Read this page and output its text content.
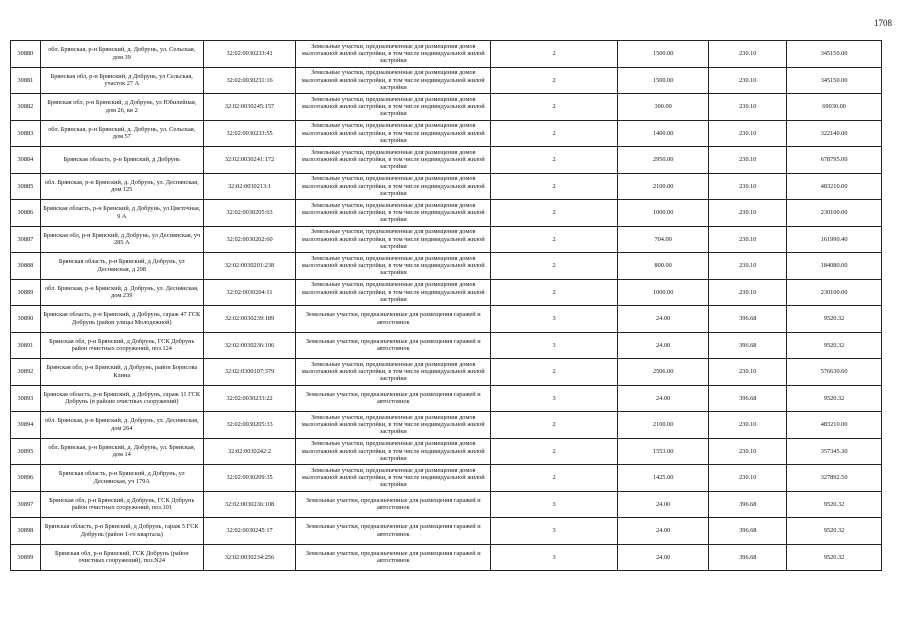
1708
30880	обл. Брянская, р-н Брянский, д. Добрунь, ул. Сельская, дом 39	32:02:0030233:41	Земельные участки, предназначенные для размещения домов малоэтажной жилой застройки, в том числе индивидуальной жилой застройки	2	1500.00	230.10	345150.00
30881	Брянская обл, р-н Брянский, д Добрунь, ул Сельская, участок 27 А	32:02:0030231:16	Земельные участки, предназначенные для размещения домов малоэтажной жилой застройки, в том числе индивидуальной жилой застройки	2	1500.00	230.10	345150.00
30882	Брянская обл, р-н Брянский, д Добрунь, ул Юбилейная, дом 26, кв 2	32:02:0030245:157	Земельные участки, предназначенные для размещения домов малоэтажной жилой застройки, в том числе индивидуальной жилой застройки	2	300.00	230.10	69030.00
30883	обл. Брянская, р-н Брянский, д. Добрунь, ул. Сельская, дом 57	32:02:0030233:55	Земельные участки, предназначенные для размещения домов малоэтажной жилой застройки, в том числе индивидуальной жилой застройки	2	1400.00	230.10	322140.00
30884	Брянская область, р-н Брянский, д Добрунь	32:02:0030241:172	Земельные участки, предназначенные для размещения домов малоэтажной жилой застройки, в том числе индивидуальной жилой застройки	2	2950.00	230.10	678795.00
30885	обл. Брянская, р-н Брянский, д. Добрунь, ул. Деснянская, дом 125	32:02:0030213:1	Земельные участки, предназначенные для размещения домов малоэтажной жилой застройки, в том числе индивидуальной жилой застройки	2	2100.00	230.10	483210.00
30886	Брянская область, р-н Брянский, д Добрунь, ул Цветочная, 9 А	32:02:0030205:63	Земельные участки, предназначенные для размещения домов малоэтажной жилой застройки, в том числе индивидуальной жилой застройки	2	1000.00	230.10	230100.00
30887	Брянская обл, р-н Брянский, д Добрунь, ул Деснянская, уч 285 А	32:02:0030202:60	Земельные участки, предназначенные для размещения домов малоэтажной жилой застройки, в том числе индивидуальной жилой застройки	2	704.00	230.10	161990.40
30888	Брянская область, р-н Брянский, д Добрунь, ул Деснянская, д 298	32:02:0030201:238	Земельные участки, предназначенные для размещения домов малоэтажной жилой застройки, в том числе индивидуальной жилой застройки	2	800.00	230.10	184080.00
30889	обл. Брянская, р-н Брянский, д. Добрунь, ул. Деснянская, дом 239	32:02:0030204:11	Земельные участки, предназначенные для размещения домов малоэтажной жилой застройки, в том числе индивидуальной жилой застройки	2	1000.00	230.10	230100.00
30890	Брянская область, р-н Брянский, д Добрунь, гараж 47 ГСК Добрунь (район улицы Молодежной)	32:02:0030239:189	Земельные участки, предназначенные для размещения гаражей и автостоянок	3	24.00	396.68	9520.32
30891	Брянская обл, р-н Брянский, д Добрунь, ГСК Добрунь район очистных сооружений, поз.124	32:02:0030236:106	Земельные участки, предназначенные для размещения гаражей и автостоянок	3	24.00	396.68	9520.32
30892	Брянская обл, р-н Брянский, д Добрунь, район Борисова Клина	32:02:0300107:379	Земельные участки, предназначенные для размещения домов малоэтажной жилой застройки, в том числе индивидуальной жилой застройки	2	2506.00	230.10	576630.60
30893	Брянская область, р-н Брянский, д Добрунь, гараж 11 ГСК Добрунь (в районе очистных сооружений)	32:02:0030233:22	Земельные участки, предназначенные для размещения гаражей и автостоянок	3	24.00	396.68	9520.32
30894	обл. Брянская, р-н Брянский, д. Добрунь, ул. Деснянская, дом 264	32:02:0030205:33	Земельные участки, предназначенные для размещения домов малоэтажной жилой застройки, в том числе индивидуальной жилой застройки	2	2100.00	230.10	483210.00
30895	обл. Брянская, р-н Брянский, д. Добрунь, ул. Брянская, дом 14	32:02:0030242:2	Земельные участки, предназначенные для размещения домов малоэтажной жилой застройки, в том числе индивидуальной жилой застройки	2	1553.00	230.10	357345.30
30896	Брянская область, р-н Брянский, д Добрунь, ул Деснянская, уч 179А	32:02:0030209:35	Земельные участки, предназначенные для размещения домов малоэтажной жилой застройки, в том числе индивидуальной жилой застройки	2	1425.00	230.10	327892.50
30897	Брянская обл, р-н Брянский, д Добрунь, ГСК Добрунь район очистных сооружений, поз.101	32:02:0030236:108	Земельные участки, предназначенные для размещения гаражей и автостоянок	3	24.00	396.68	9520.32
30898	Брянская область, р-н Брянский, д Добрунь, гараж 5 ГСК Добрунь (район 1-го квартала)	32:02:0030245:17	Земельные участки, предназначенные для размещения гаражей и автостоянок	3	24.00	396.68	9520.32
30899	Брянская обл, р-н Брянский, ГСК Добрунь (район очистных сооружений), поз.N24	32:02:0030234:256	Земельные участки, предназначенные для размещения гаражей и автостоянок	3	24.00	396.68	9520.32
